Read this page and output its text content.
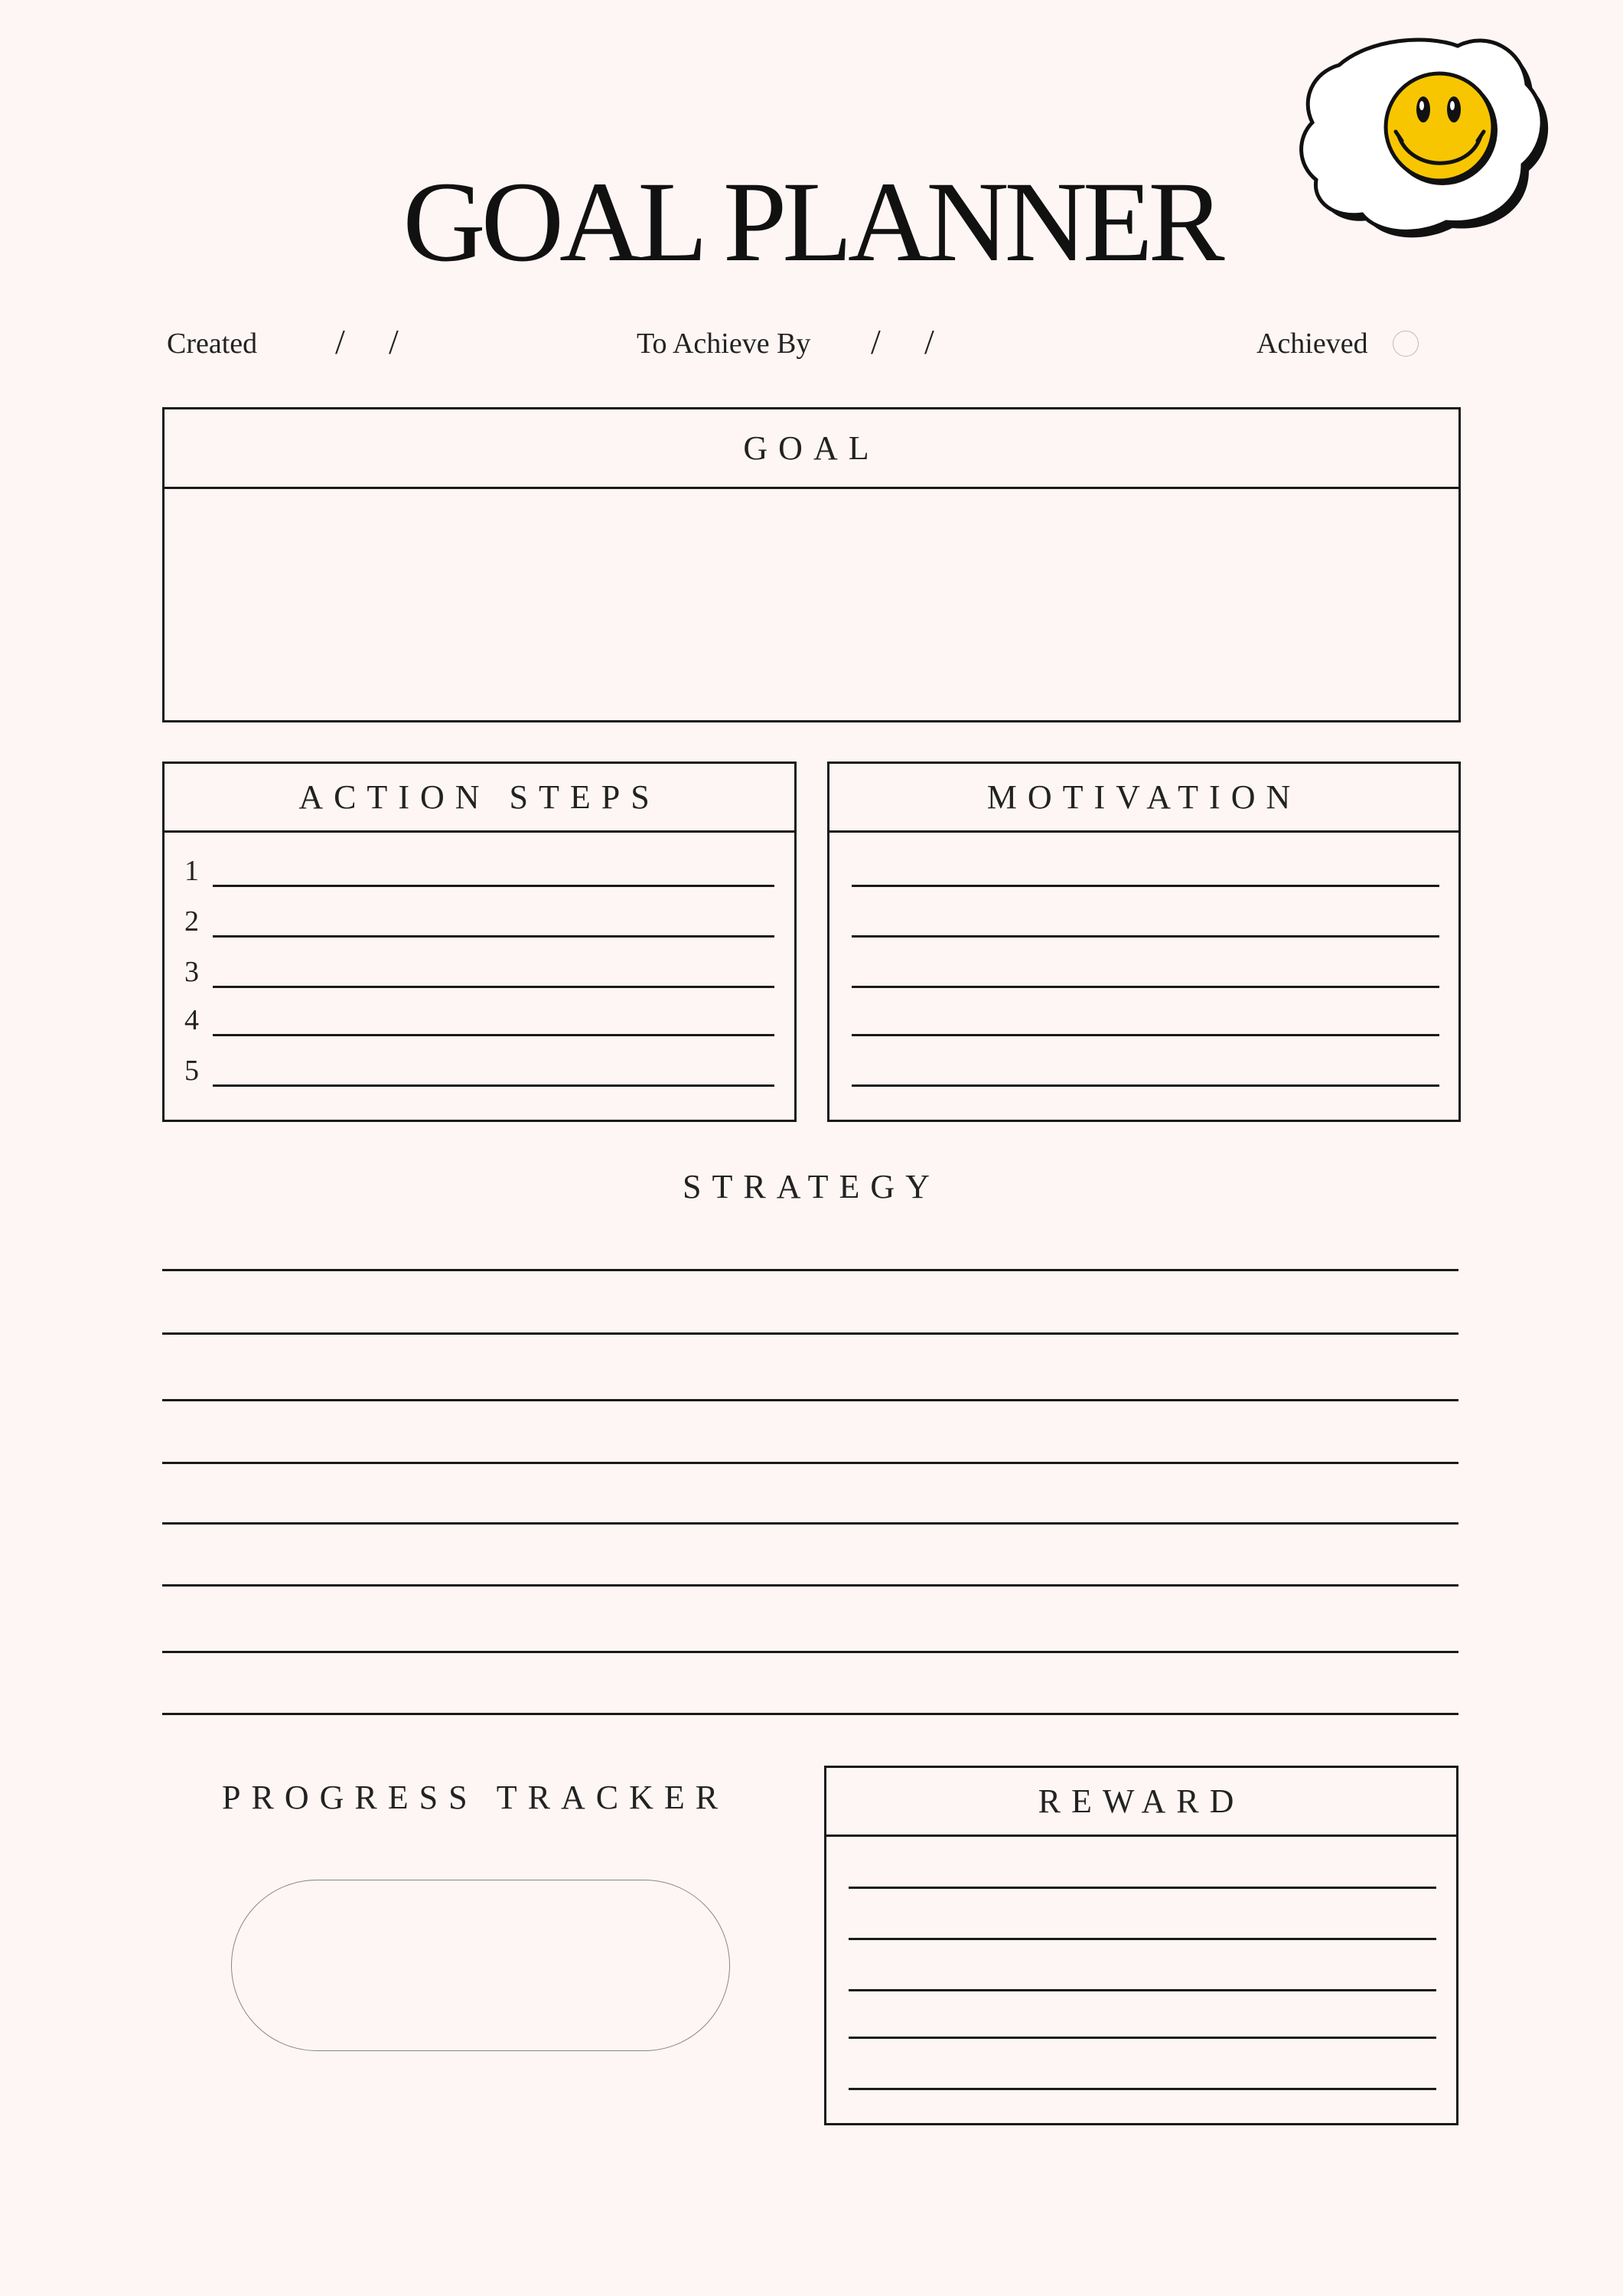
GOAL PLANNER
Created / /	To Achieve By / /	Achieved
GOAL
ACTION STEPS
1
2
3
4
5
MOTIVATION
STRATEGY
PROGRESS TRACKER	REWARD
